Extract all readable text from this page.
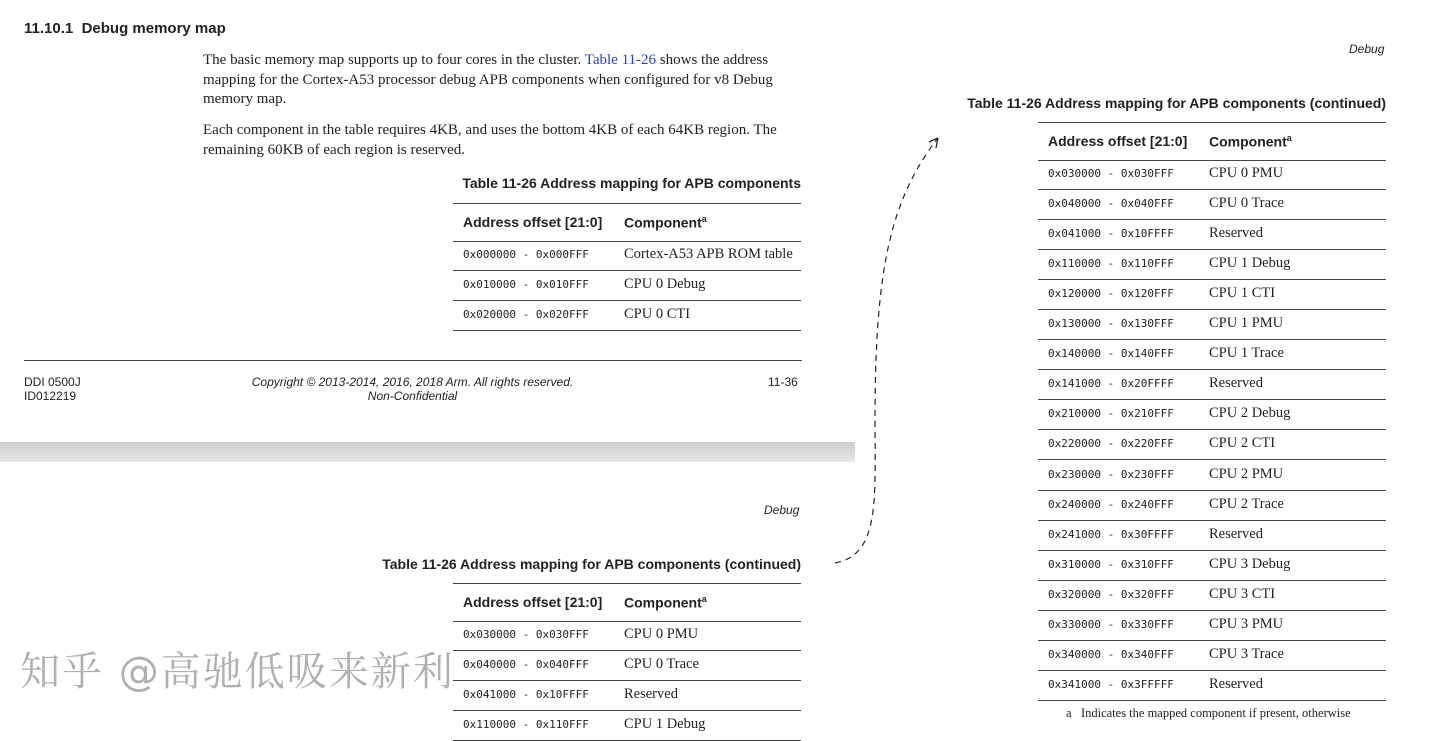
11.10.1 Debug memory map
The basic memory map supports up to four cores in the cluster. Table 11-26 shows the address mapping for the Cortex-A53 processor debug APB components when configured for v8 Debug memory map.
Each component in the table requires 4KB, and uses the bottom 4KB of each 64KB region. The remaining 60KB of each region is reserved.
Table 11-26 Address mapping for APB components
Address offset [21:0] Component$^a$
0x000000 - 0x000FFF Cortex-A53 APB ROM table
0x010000 - 0x010FFF CPU 0 Debug
0x020000 - 0x020FFF CPU 0 CTI
DDI 0500J
ID012219
Copyright © 2013-2014, 2016, 2018 Arm. All rights reserved.
Non-Confidential
11-36
Debug
Table 11-26 Address mapping for APB components (continued)
Address offset [21:0] Component$^a$
0x030000 - 0x030FFF CPU 0 PMU
0x040000 - 0x040FFF CPU 0 Trace
0x041000 - 0x10FFFF Reserved
0x110000 - 0x110FFF CPU 1 Debug
Debug
Table 11-26 Address mapping for APB components (continued)
Address offset [21:0] Component$^a$
0x030000 - 0x030FFF CPU 0 PMU
0x040000 - 0x040FFF CPU 0 Trace
0x041000 - 0x10FFFF Reserved
0x110000 - 0x110FFF CPU 1 Debug
0x120000 - 0x120FFF CPU 1 CTI
0x130000 - 0x130FFF CPU 1 PMU
0x140000 - 0x140FFF CPU 1 Trace
0x141000 - 0x20FFFF Reserved
0x210000 - 0x210FFF CPU 2 Debug
0x220000 - 0x220FFF CPU 2 CTI
0x230000 - 0x230FFF CPU 2 PMU
0x240000 - 0x240FFF CPU 2 Trace
0x241000 - 0x30FFFF Reserved
0x310000 - 0x310FFF CPU 3 Debug
0x320000 - 0x320FFF CPU 3 CTI
0x330000 - 0x330FFF CPU 3 PMU
0x340000 - 0x340FFF CPU 3 Trace
0x341000 - 0x3FFFFF Reserved
a Indicates the mapped component if present, otherwise
知乎 @高驰低吸来新利
